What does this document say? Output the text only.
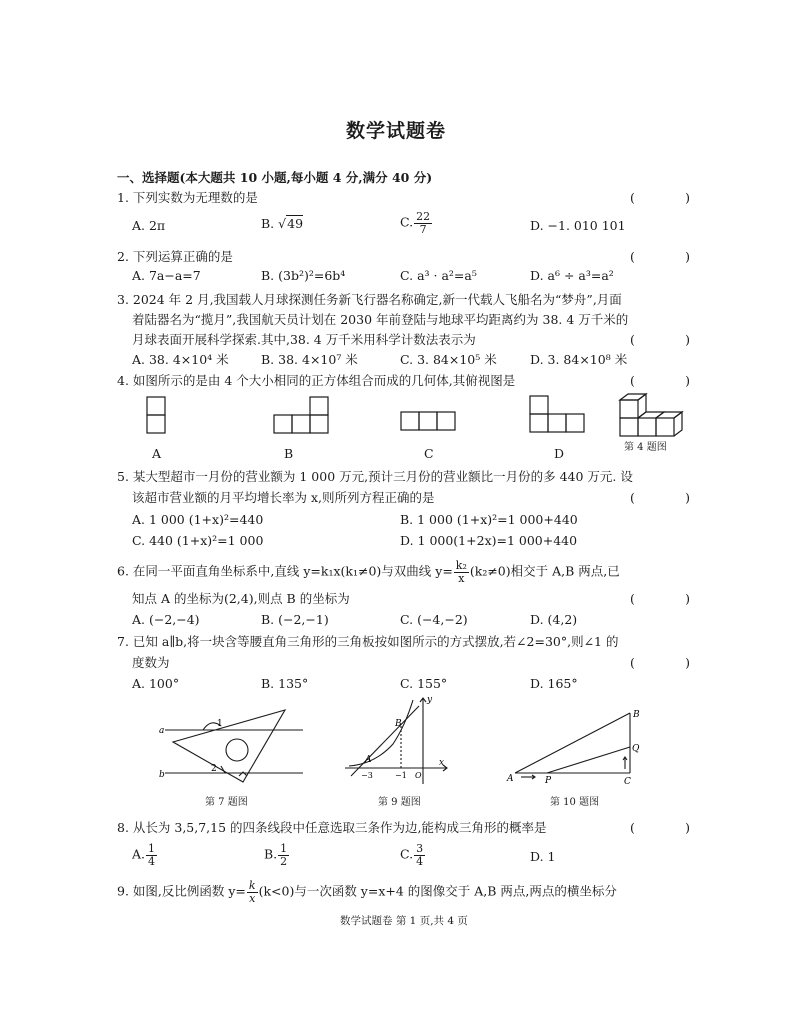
数学试题卷
一、选择题(本大题共 10 小题,每小题 4 分,满分 40 分)
1. 下列实数为无理数的是	(	)
A. 2π	B. √49	C. $\frac{22}{7}$	D. −1. 010 101
2. 下列运算正确的是	(	)
A. 7a−a=7	B. (3b²)²=6b⁴	C. a³ · a²=a⁵	D. a⁶ ÷ a³=a²
3. 2024 年 2 月,我国载人月球探测任务新飞行器名称确定,新一代载人飞船名为“梦舟”,月面
着陆器名为“揽月”,我国航天员计划在 2030 年前登陆与地球平均距离约为 38. 4 万千米的
月球表面开展科学探索.其中,38. 4 万千米用科学计数法表示为	(	)
A. 38. 4×10⁴ 米	B. 38. 4×10⁷ 米	C. 3. 84×10⁵ 米	D. 3. 84×10⁸ 米
4. 如图所示的是由 4 个大小相同的正方体组合而成的几何体,其俯视图是	(	)
A	B	C	D	第 4 题图
5. 某大型超市一月份的营业额为 1 000 万元,预计三月份的营业额比一月份的多 440 万元. 设
该超市营业额的月平均增长率为 x,则所列方程正确的是	(	)
A. 1 000 (1+x)²=440	B. 1 000 (1+x)²=1 000+440
C. 440 (1+x)²=1 000	D. 1 000(1+2x)=1 000+440
6. 在同一平面直角坐标系中,直线 y=k₁x(k₁≠0)与双曲线 $y= \frac{\text{k₂}}{x} (k_2\ne 0)$相交于 A,B 两点,已
知点 A 的坐标为(2,4),则点 B 的坐标为	(	)
A. (−2,−4)	B. (−2,−1)	C. (−4,−2)	D. (4,2)
7. 已知 a∥b,将一块含等腰直角三角形的三角板按如图所示的方式摆放,若∠2=30°,则∠1 的
度数为	(	)
A. 100°	B. 135°	C. 155°	D. 165°
a
b
1
2
第 7 题图
A
B
−3	−1 O
y
x
第 9 题图
A
B
C
P
Q
第 10 题图
8. 从长为 3,5,7,15 的四条线段中任意选取三条作为边,能构成三角形的概率是	(	)
A. $\frac{1}{4}$	B. $\frac{1}{2}$	C. $\frac{3}{4}$	D. 1
9. 如图,反比例函数 $y= \frac{k}{x} (k<0)$与一次函数 y=x+4 的图像交于 A,B 两点,两点的横坐标分
数学试题卷 第 1 页,共 4 页
